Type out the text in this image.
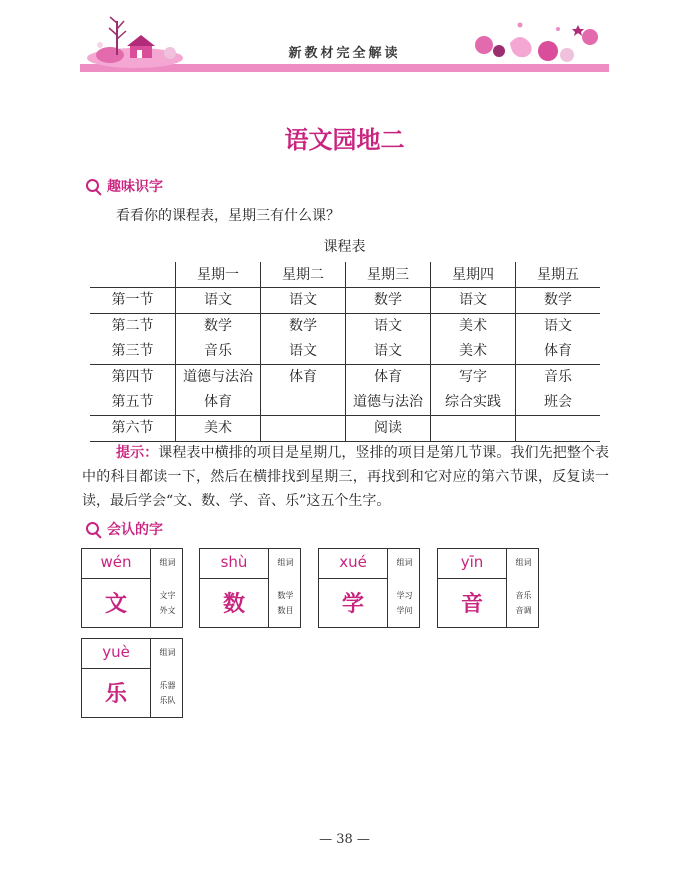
新教材完全解读
语文园地二
趣味识字
看看你的课程表，星期三有什么课？
课程表
	星期一	星期二	星期三	星期四	星期五
第一节	语文	语文	数学	语文	数学
第二节	数学	数学	语文	美术	语文
第三节	音乐	语文	语文	美术	体育
第四节	道德与法治	体育	体育	写字	音乐
第五节	体育		道德与法治	综合实践	班会
第六节	美术		阅读		
提示：课程表中横排的项目是星期几，竖排的项目是第几节课。我们先把整个表中的科目都读一下，然后在横排找到星期三，再找到和它对应的第六节课，反复读一读，最后学会“文、数、学、音、乐”这五个生字。
会认的字
wén	组词
文	文字
外文
shù	组词
数	数学
数目
xué	组词
学	学习
学问
yīn	组词
音	音乐
音调
yuè	组词
乐	乐器
乐队
— 38 —
